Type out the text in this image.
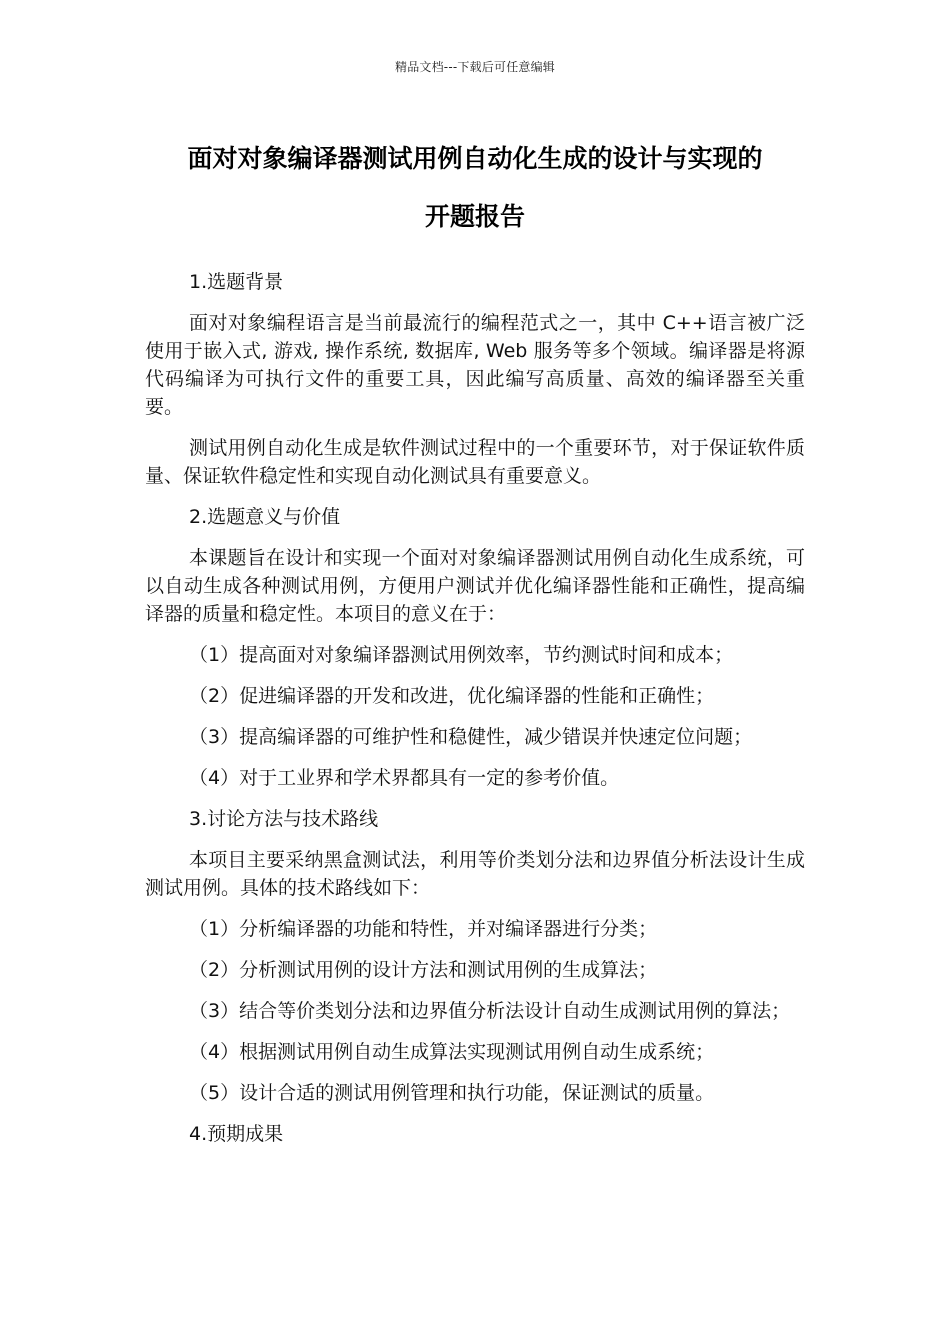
精品文档---下载后可任意编辑
面对对象编译器测试用例自动化生成的设计与实现的
开题报告

1.选题背景

面对对象编程语言是当前最流行的编程范式之一，其中 C++语言被广泛使用于嵌入式, 游戏, 操作系统, 数据库, Web 服务等多个领域。编译器是将源代码编译为可执行文件的重要工具，因此编写高质量、高效的编译器至关重要。

测试用例自动化生成是软件测试过程中的一个重要环节，对于保证软件质量、保证软件稳定性和实现自动化测试具有重要意义。

2.选题意义与价值

本课题旨在设计和实现一个面对对象编译器测试用例自动化生成系统，可以自动生成各种测试用例，方便用户测试并优化编译器性能和正确性，提高编译器的质量和稳定性。本项目的意义在于：

（1）提高面对对象编译器测试用例效率，节约测试时间和成本；

（2）促进编译器的开发和改进，优化编译器的性能和正确性；

（3）提高编译器的可维护性和稳健性，减少错误并快速定位问题；

（4）对于工业界和学术界都具有一定的参考价值。

3.讨论方法与技术路线

本项目主要采纳黑盒测试法，利用等价类划分法和边界值分析法设计生成测试用例。具体的技术路线如下：

（1）分析编译器的功能和特性，并对编译器进行分类；

（2）分析测试用例的设计方法和测试用例的生成算法；

（3）结合等价类划分法和边界值分析法设计自动生成测试用例的算法；

（4）根据测试用例自动生成算法实现测试用例自动生成系统；

（5）设计合适的测试用例管理和执行功能，保证测试的质量。

4.预期成果
